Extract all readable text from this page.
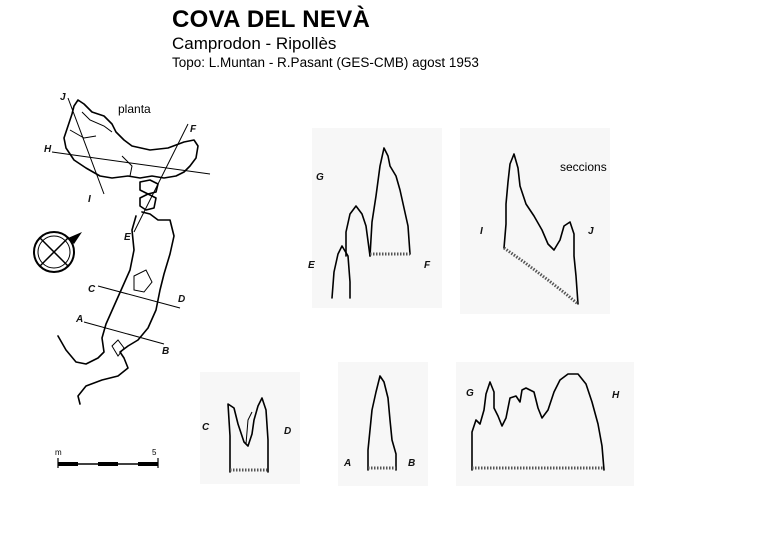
COVA DEL NEVÀ
Camprodon - Ripollès
Topo: L.Muntan - R.Pasant (GES-CMB) agost 1953
planta
J
F
H
I
E
C
D
A
B
m	5
seccions
G
E	F
I	J
C	D
A	B
G	H
